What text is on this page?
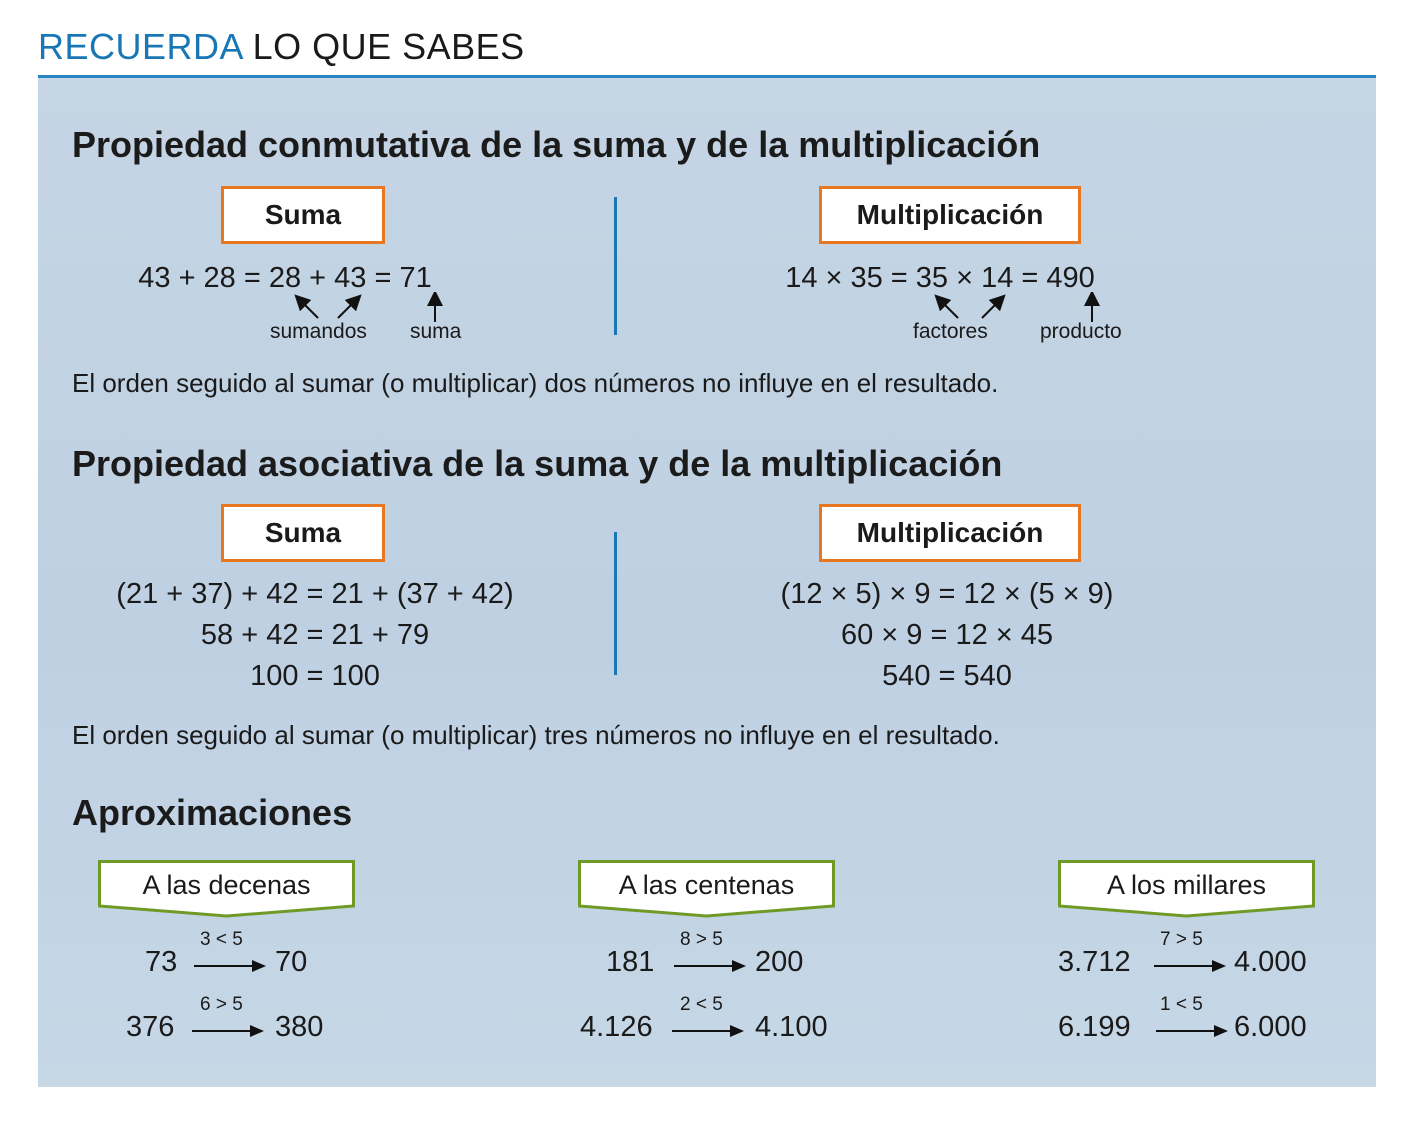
RECUERDA LO QUE SABES
Propiedad conmutativa de la suma y de la multiplicación
Suma
43 + 28 = 28 + 43 = 71
sumandos suma
Multiplicación
14 × 35 = 35 × 14 = 490
factores producto
El orden seguido al sumar (o multiplicar) dos números no influye en el resultado.
Propiedad asociativa de la suma y de la multiplicación
Suma
(21 + 37) + 42 = 21 + (37 + 42)
58 + 42 = 21 + 79
100 = 100
Multiplicación
(12 × 5) × 9 = 12 × (5 × 9)
60 × 9 = 12 × 45
540 = 540
El orden seguido al sumar (o multiplicar) tres números no influye en el resultado.
Aproximaciones
A las decenas
3 < 5
73	70
6 > 5
376	380
A las centenas
8 > 5
181	200
2 < 5
4.126	4.100
A los millares
7 > 5
3.712	4.000
1 < 5
6.199	6.000
